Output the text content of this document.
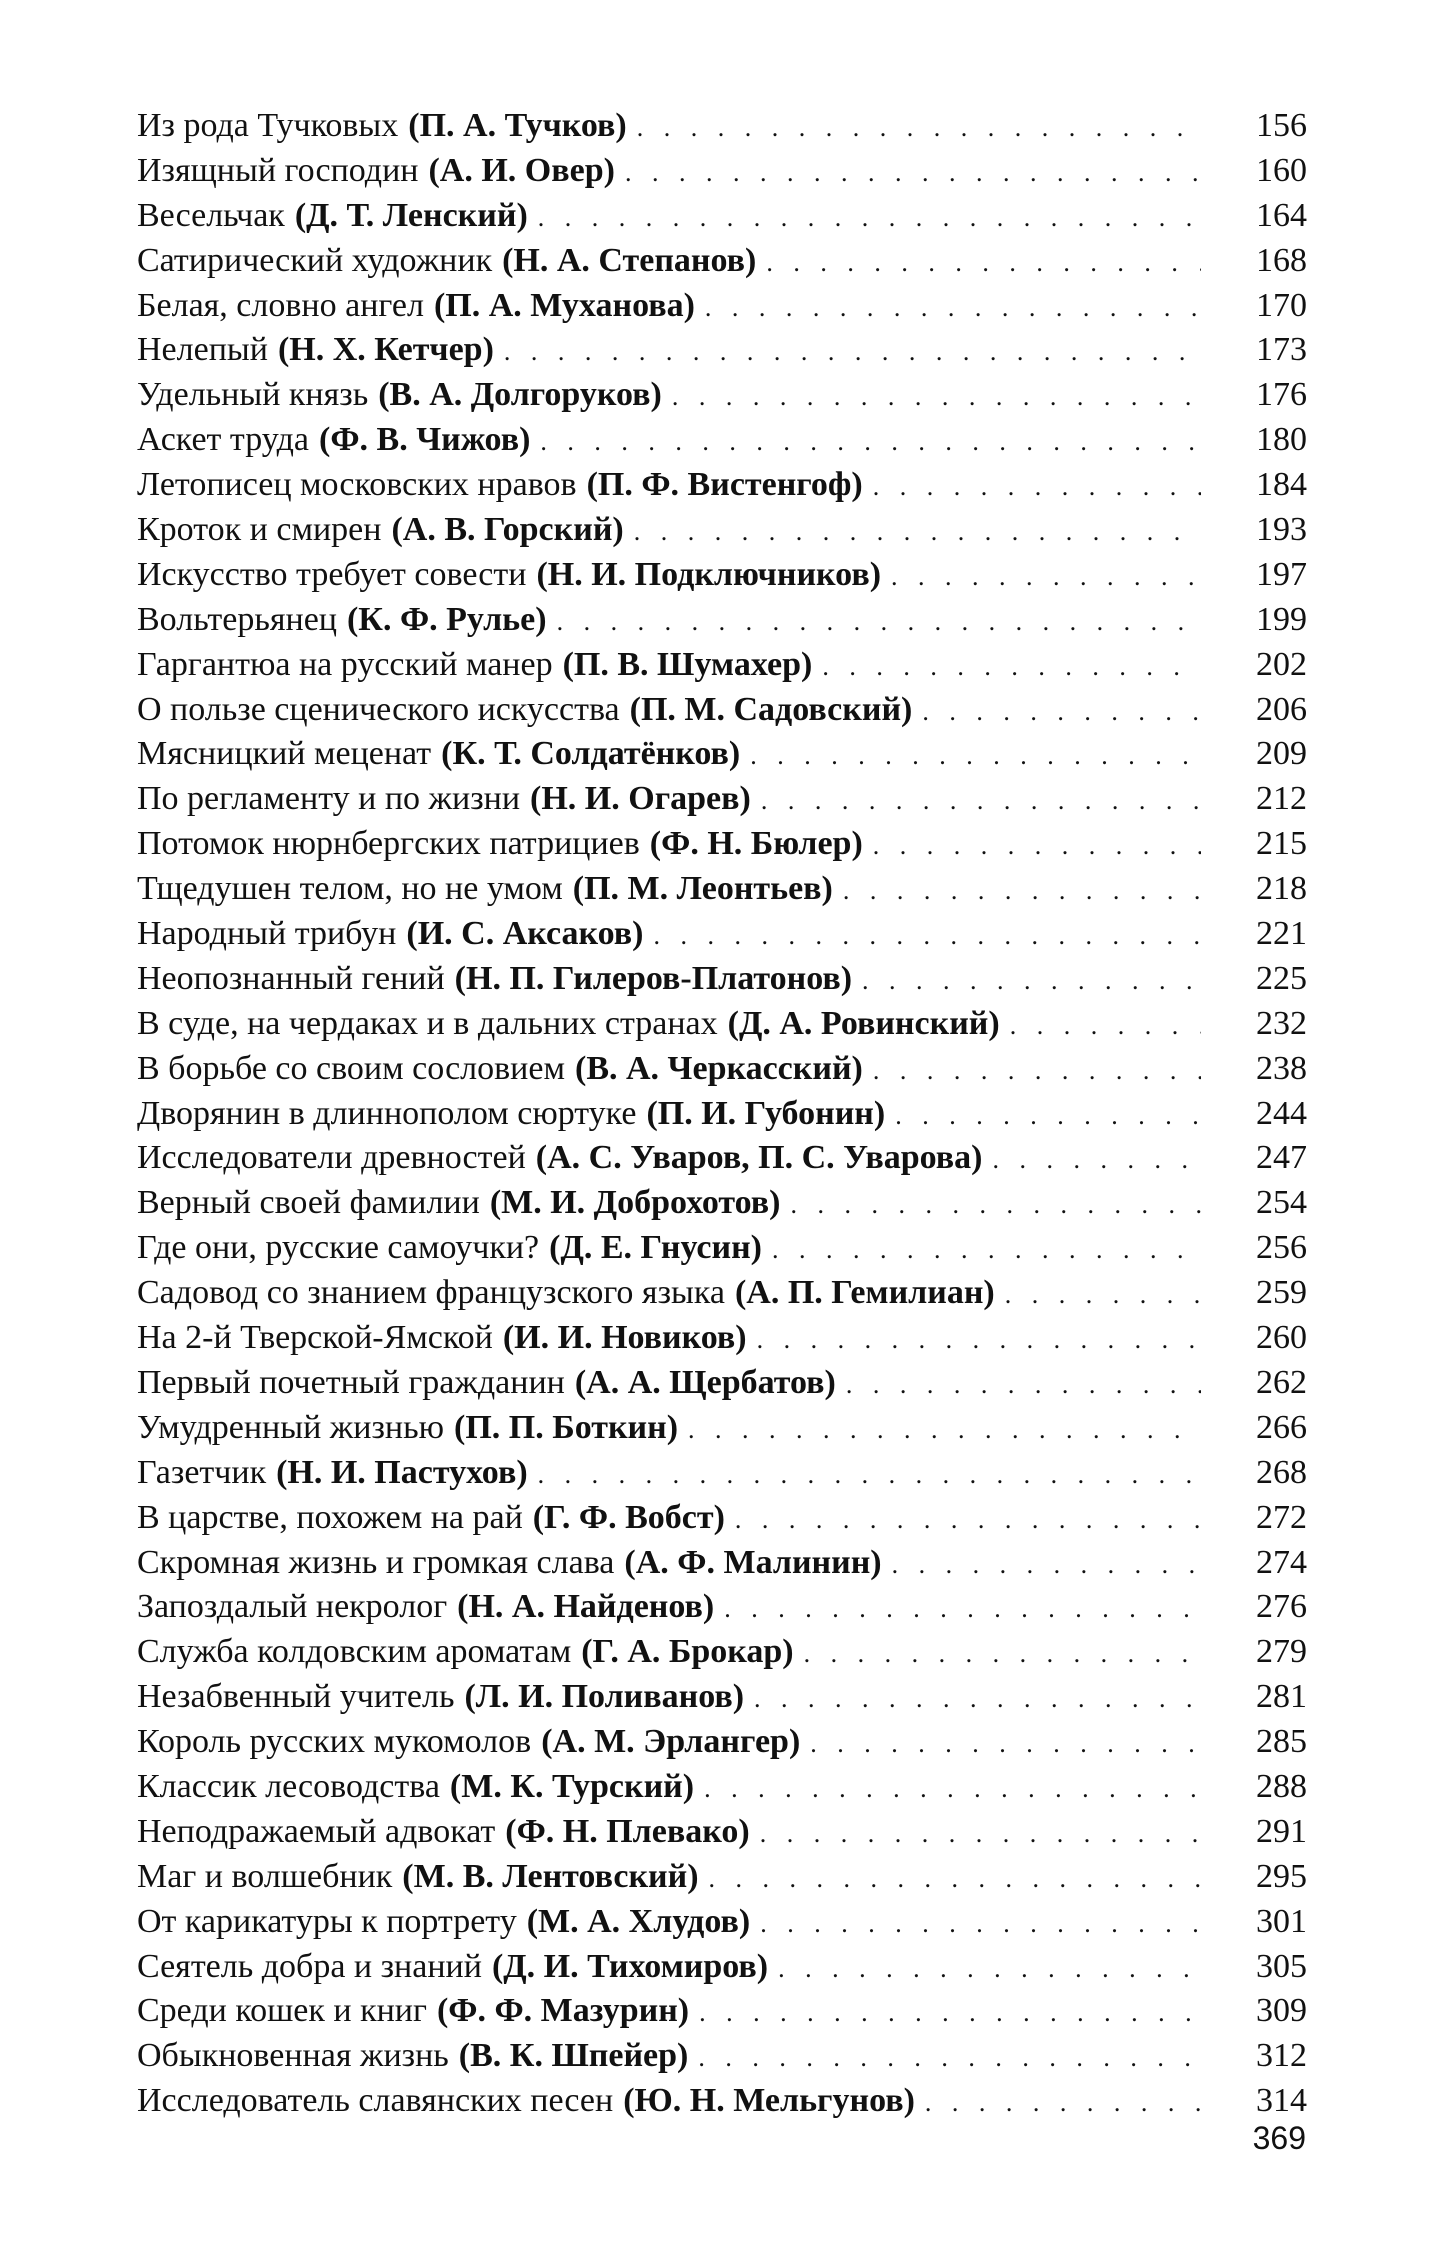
Из рода Тучковых (П. А. Тучков) . . .	156
Изящный господин (А. И. Овер) . . .	160
Весельчак (Д. Т. Ленский) . . .	164
Сатирический художник (Н. А. Степанов) . . .	168
Белая, словно ангел (П. А. Муханова) . . .	170
Нелепый (Н. Х. Кетчер) . . .	173
Удельный князь (В. А. Долгоруков) . . .	176
Аскет труда (Ф. В. Чижов) . . .	180
Летописец московских нравов (П. Ф. Вистенгоф) . . .	184
Кроток и смирен (А. В. Горский) . . .	193
Искусство требует совести (Н. И. Подключников) . . .	197
Вольтерьянец (К. Ф. Рулье) . . .	199
Гаргантюа на русский манер (П. В. Шумахер) . . .	202
О пользе сценического искусства (П. М. Садовский) . . .	206
Мясницкий меценат (К. Т. Солдатёнков) . . .	209
По регламенту и по жизни (Н. И. Огарев) . . .	212
Потомок нюрнбергских патрициев (Ф. Н. Бюлер) . . .	215
Тщедушен телом, но не умом (П. М. Леонтьев) . . .	218
Народный трибун (И. С. Аксаков) . . .	221
Неопознанный гений (Н. П. Гилеров-Платонов) . . .	225
В суде, на чердаках и в дальних странах (Д. А. Ровинский) . . .	232
В борьбе со своим сословием (В. А. Черкасский) . . .	238
Дворянин в длиннополом сюртуке (П. И. Губонин) . . .	244
Исследователи древностей (А. С. Уваров, П. С. Уварова) . . .	247
Верный своей фамилии (М. И. Доброхотов) . . .	254
Где они, русские самоучки? (Д. Е. Гнусин) . . .	256
Садовод со знанием французского языка (А. П. Гемилиан) . . .	259
На 2-й Тверской-Ямской (И. И. Новиков) . . .	260
Первый почетный гражданин (А. А. Щербатов) . . .	262
Умудренный жизнью (П. П. Боткин) . . .	266
Газетчик (Н. И. Пастухов) . . .	268
В царстве, похожем на рай (Г. Ф. Вобст) . . .	272
Скромная жизнь и громкая слава (А. Ф. Малинин) . . .	274
Запоздалый некролог (Н. А. Найденов) . . .	276
Служба колдовским ароматам (Г. А. Брокар) . . .	279
Незабвенный учитель (Л. И. Поливанов) . . .	281
Король русских мукомолов (А. М. Эрлангер) . . .	285
Классик лесоводства (М. К. Турский) . . .	288
Неподражаемый адвокат (Ф. Н. Плевако) . . .	291
Маг и волшебник (М. В. Лентовский) . . .	295
От карикатуры к портрету (М. А. Хлудов) . . .	301
Сеятель добра и знаний (Д. И. Тихомиров) . . .	305
Среди кошек и книг (Ф. Ф. Мазурин) . . .	309
Обыкновенная жизнь (В. К. Шпейер) . . .	312
Исследователь славянских песен (Ю. Н. Мельгунов) . . .	314
369
